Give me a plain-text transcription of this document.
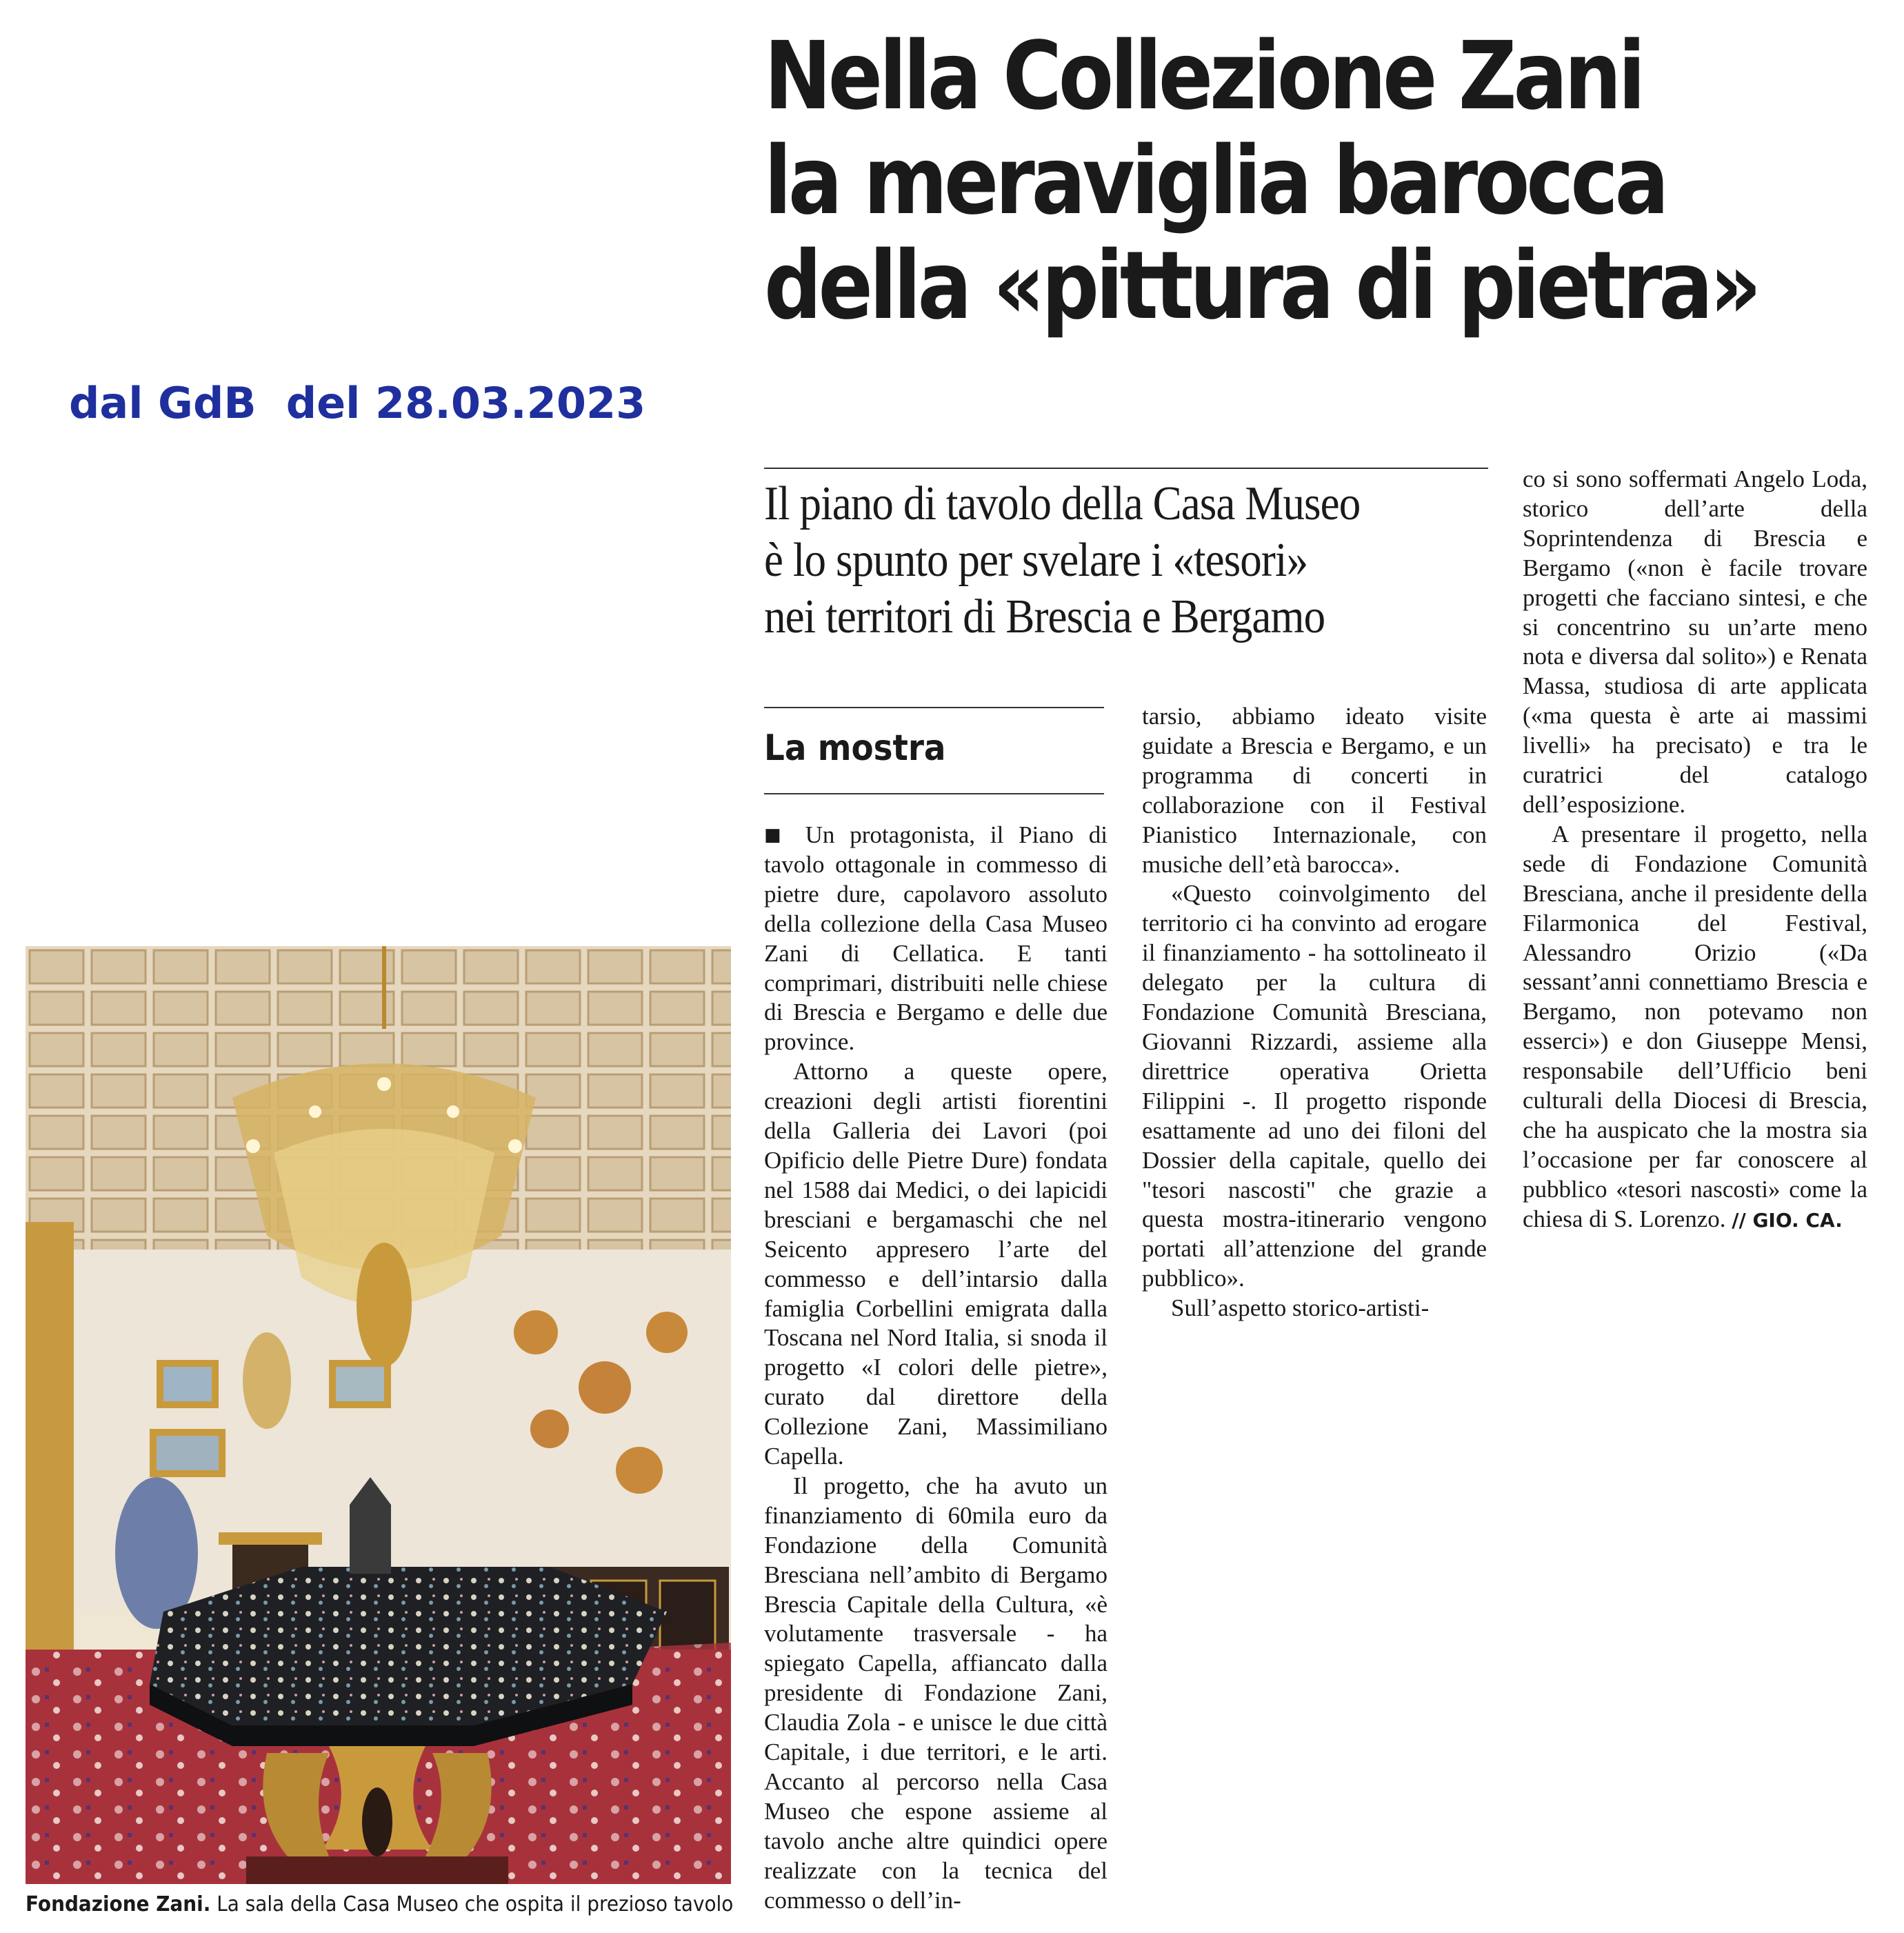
dal GdB  del 28.03.2023
Nella Collezione Zani
la meraviglia barocca
della «pittura di pietra»
Il piano di tavolo della Casa Museo
è lo spunto per svelare i «tesori»
nei territori di Brescia e Bergamo
La mostra

■ Un protagonista, il Piano di tavolo ottagonale in commesso di pietre dure, capolavoro assoluto della collezione della Casa Museo Zani di Cellatica. E tanti comprimari, distribuiti nelle chiese di Brescia e Bergamo e delle due province.

Attorno a queste opere, creazioni degli artisti fiorentini della Galleria dei Lavori (poi Opificio delle Pietre Dure) fondata nel 1588 dai Medici, o dei lapicidi bresciani e bergamaschi che nel Seicento appresero l’arte del commesso e dell’intarsio dalla famiglia Corbellini emigrata dalla Toscana nel Nord Italia, si snoda il progetto «I colori delle pietre», curato dal direttore della Collezione Zani, Massimiliano Capella.

Il progetto, che ha avuto un finanziamento di 60mila euro da Fondazione della Comunità Bresciana nell’ambito di Bergamo Brescia Capitale della Cultura, «è volutamente trasversale - ha spiegato Capella, affiancato dalla presidente di Fondazione Zani, Claudia Zola - e unisce le due città Capitale, i due territori, e le arti. Accanto al percorso nella Casa Museo che espone assieme al tavolo anche altre quindici opere realizzate con la tecnica del commesso o dell’in-

tarsio, abbiamo ideato visite guidate a Brescia e Bergamo, e un programma di concerti in collaborazione con il Festival Pianistico Internazionale, con musiche dell’età barocca».

«Questo coinvolgimento del territorio ci ha convinto ad erogare il finanziamento - ha sottolineato il delegato per la cultura di Fondazione Comunità Bresciana, Giovanni Rizzardi, assieme alla direttrice operativa Orietta Filippini -. Il progetto risponde esattamente ad uno dei filoni del Dossier della capitale, quello dei "tesori nascosti" che grazie a questa mostra-itinerario vengono portati all’attenzione del grande pubblico».

Sull’aspetto storico-artisti-

co si sono soffermati Angelo Loda, storico dell’arte della Soprintendenza di Brescia e Bergamo («non è facile trovare progetti che facciano sintesi, e che si concentrino su un’arte meno nota e diversa dal solito») e Renata Massa, studiosa di arte applicata («ma questa è arte ai massimi livelli» ha precisato) e tra le curatrici del catalogo dell’esposizione.

A presentare il progetto, nella sede di Fondazione Comunità Bresciana, anche il presidente della Filarmonica del Festival, Alessandro Orizio («Da sessant’anni connettiamo Brescia e Bergamo, non potevamo non esserci») e don Giuseppe Mensi, responsabile dell’Ufficio beni culturali della Diocesi di Brescia, che ha auspicato che la mostra sia l’occasione per far conoscere al pubblico «tesori nascosti» come la chiesa di S. Lorenzo. // GIO. CA.

Fondazione Zani. La sala della Casa Museo che ospita il prezioso tavolo
